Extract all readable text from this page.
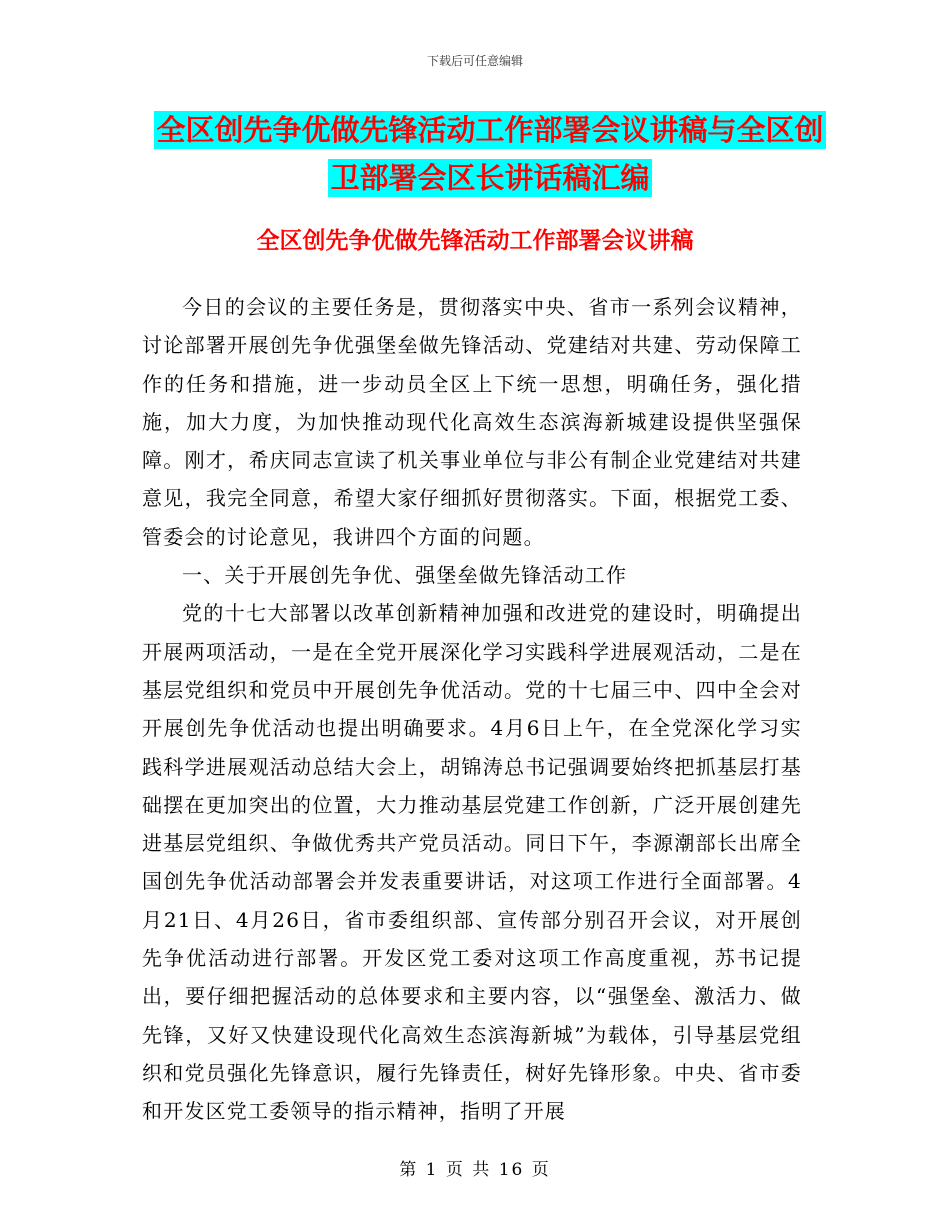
下载后可任意编辑
全区创先争优做先锋活动工作部署会议讲稿与全区创
卫部署会区长讲话稿汇编
全区创先争优做先锋活动工作部署会议讲稿

今日的会议的主要任务是，贯彻落实中央、省市一系列会议精神，讨论部署开展创先争优强堡垒做先锋活动、党建结对共建、劳动保障工作的任务和措施，进一步动员全区上下统一思想，明确任务，强化措施，加大力度，为加快推动现代化高效生态滨海新城建设提供坚强保障。刚才，希庆同志宣读了机关事业单位与非公有制企业党建结对共建意见，我完全同意，希望大家仔细抓好贯彻落实。下面，根据党工委、管委会的讨论意见，我讲四个方面的问题。

一、关于开展创先争优、强堡垒做先锋活动工作

党的十七大部署以改革创新精神加强和改进党的建设时，明确提出开展两项活动，一是在全党开展深化学习实践科学进展观活动，二是在基层党组织和党员中开展创先争优活动。党的十七届三中、四中全会对开展创先争优活动也提出明确要求。4月6日上午，在全党深化学习实践科学进展观活动总结大会上，胡锦涛总书记强调要始终把抓基层打基础摆在更加突出的位置，大力推动基层党建工作创新，广泛开展创建先进基层党组织、争做优秀共产党员活动。同日下午，李源潮部长出席全国创先争优活动部署会并发表重要讲话，对这项工作进行全面部署。4月21日、4月26日，省市委组织部、宣传部分别召开会议，对开展创先争优活动进行部署。开发区党工委对这项工作高度重视，苏书记提出，要仔细把握活动的总体要求和主要内容，以“强堡垒、激活力、做先锋，又好又快建设现代化高效生态滨海新城”为载体，引导基层党组织和党员强化先锋意识，履行先锋责任，树好先锋形象。中央、省市委和开发区党工委领导的指示精神，指明了开展

第 1 页 共 16 页
